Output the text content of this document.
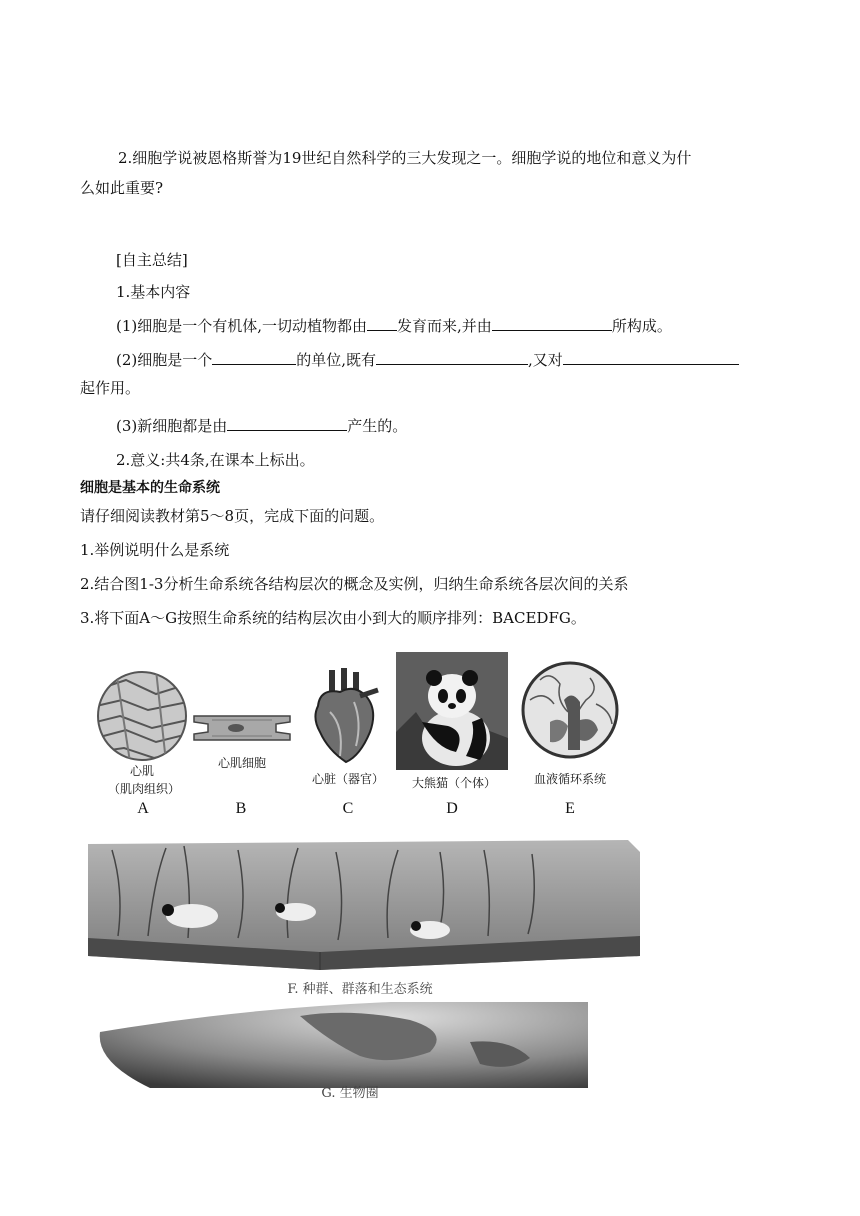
2.细胞学说被恩格斯誉为19世纪自然科学的三大发现之一。细胞学说的地位和意义为什
么如此重要?
[自主总结]
1.基本内容
(1)细胞是一个有机体,一切动植物都由 发育而来,并由	所构成。
(2)细胞是一个	的单位,既有	,又对
起作用。
(3)新细胞都是由	产生的。
2.意义:共4条,在课本上标出。
细胞是基本的生命系统
请仔细阅读教材第5～8页，完成下面的问题。
1.举例说明什么是系统
2.结合图1-3分析生命系统各结构层次的概念及实例，归纳生命系统各层次间的关系
3.将下面A～G按照生命系统的结构层次由小到大的顺序排列：BACEDFG。
心肌
（肌肉组织）
心肌细胞
心脏（器官）	大熊猫（个体）	血液循环系统
A	B	C	D	E
F. 种群、群落和生态系统
G. 生物圈
